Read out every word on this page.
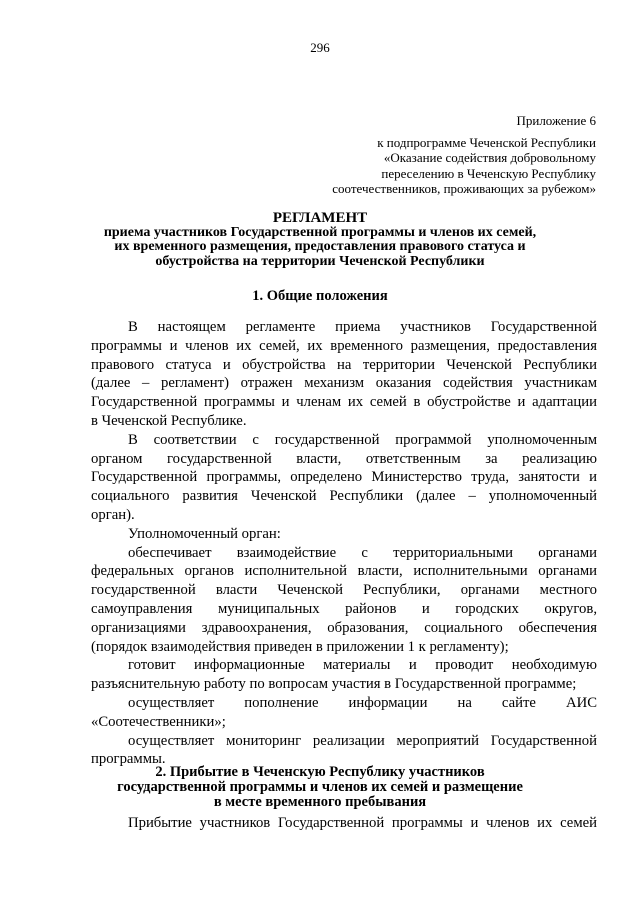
296
Приложение 6
к подпрограмме Чеченской Республики
«Оказание содействия добровольному
переселению в Чеченскую Республику
соотечественников, проживающих за рубежом»
РЕГЛАМЕНТ
приема участников Государственной программы и членов их семей,
их временного размещения, предоставления правового статуса и
обустройства на территории Чеченской Республики
1. Общие положения
В настоящем регламенте приема участников Государственной
программы и членов их семей, их временного размещения, предоставления
правового статуса и обустройства на территории Чеченской Республики
(далее – регламент) отражен механизм оказания содействия участникам
Государственной программы и членам их семей в обустройстве и адаптации
в Чеченской Республике.
В соответствии с государственной программой уполномоченным
органом государственной власти, ответственным за реализацию
Государственной программы, определено Министерство труда, занятости и
социального развития Чеченской Республики (далее – уполномоченный
орган).
Уполномоченный орган:
обеспечивает взаимодействие с территориальными органами
федеральных органов исполнительной власти, исполнительными органами
государственной власти Чеченской Республики, органами местного
самоуправления муниципальных районов и городских округов,
организациями здравоохранения, образования, социального обеспечения
(порядок взаимодействия приведен в приложении 1 к регламенту);
готовит информационные материалы и проводит необходимую
разъяснительную работу по вопросам участия в Государственной программе;
осуществляет пополнение информации на сайте АИС
«Соотечественники»;
осуществляет мониторинг реализации мероприятий Государственной
программы.
2. Прибытие в Чеченскую Республику участников
государственной программы и членов их семей и размещение
в месте временного пребывания
Прибытие участников Государственной программы и членов их семей
